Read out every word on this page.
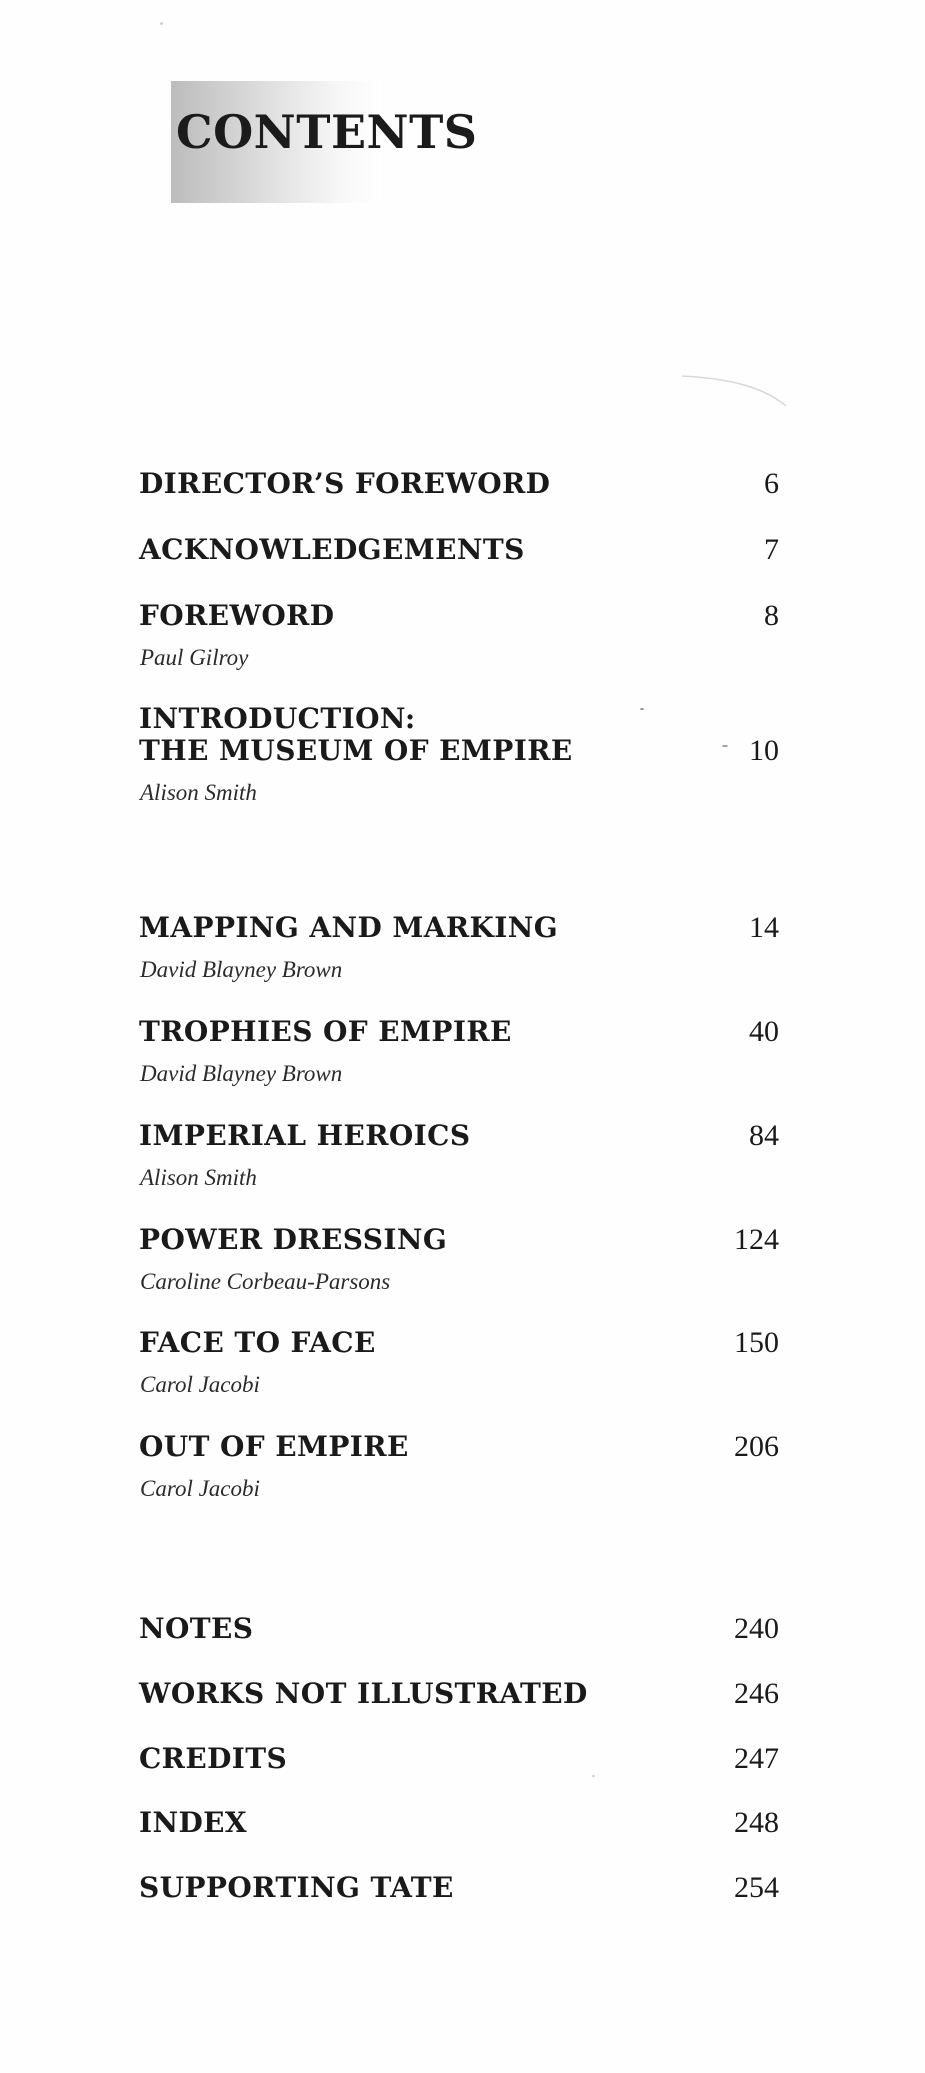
CONTENTS
DIRECTOR’S FOREWORD	6
ACKNOWLEDGEMENTS	7
FOREWORD	8
Paul Gilroy
INTRODUCTION:
THE MUSEUM OF EMPIRE	10
Alison Smith
MAPPING AND MARKING	14
David Blayney Brown
TROPHIES OF EMPIRE	40
David Blayney Brown
IMPERIAL HEROICS	84
Alison Smith
POWER DRESSING	124
Caroline Corbeau-Parsons
FACE TO FACE	150
Carol Jacobi
OUT OF EMPIRE	206
Carol Jacobi
NOTES	240
WORKS NOT ILLUSTRATED	246
CREDITS	247
INDEX	248
SUPPORTING TATE	254
